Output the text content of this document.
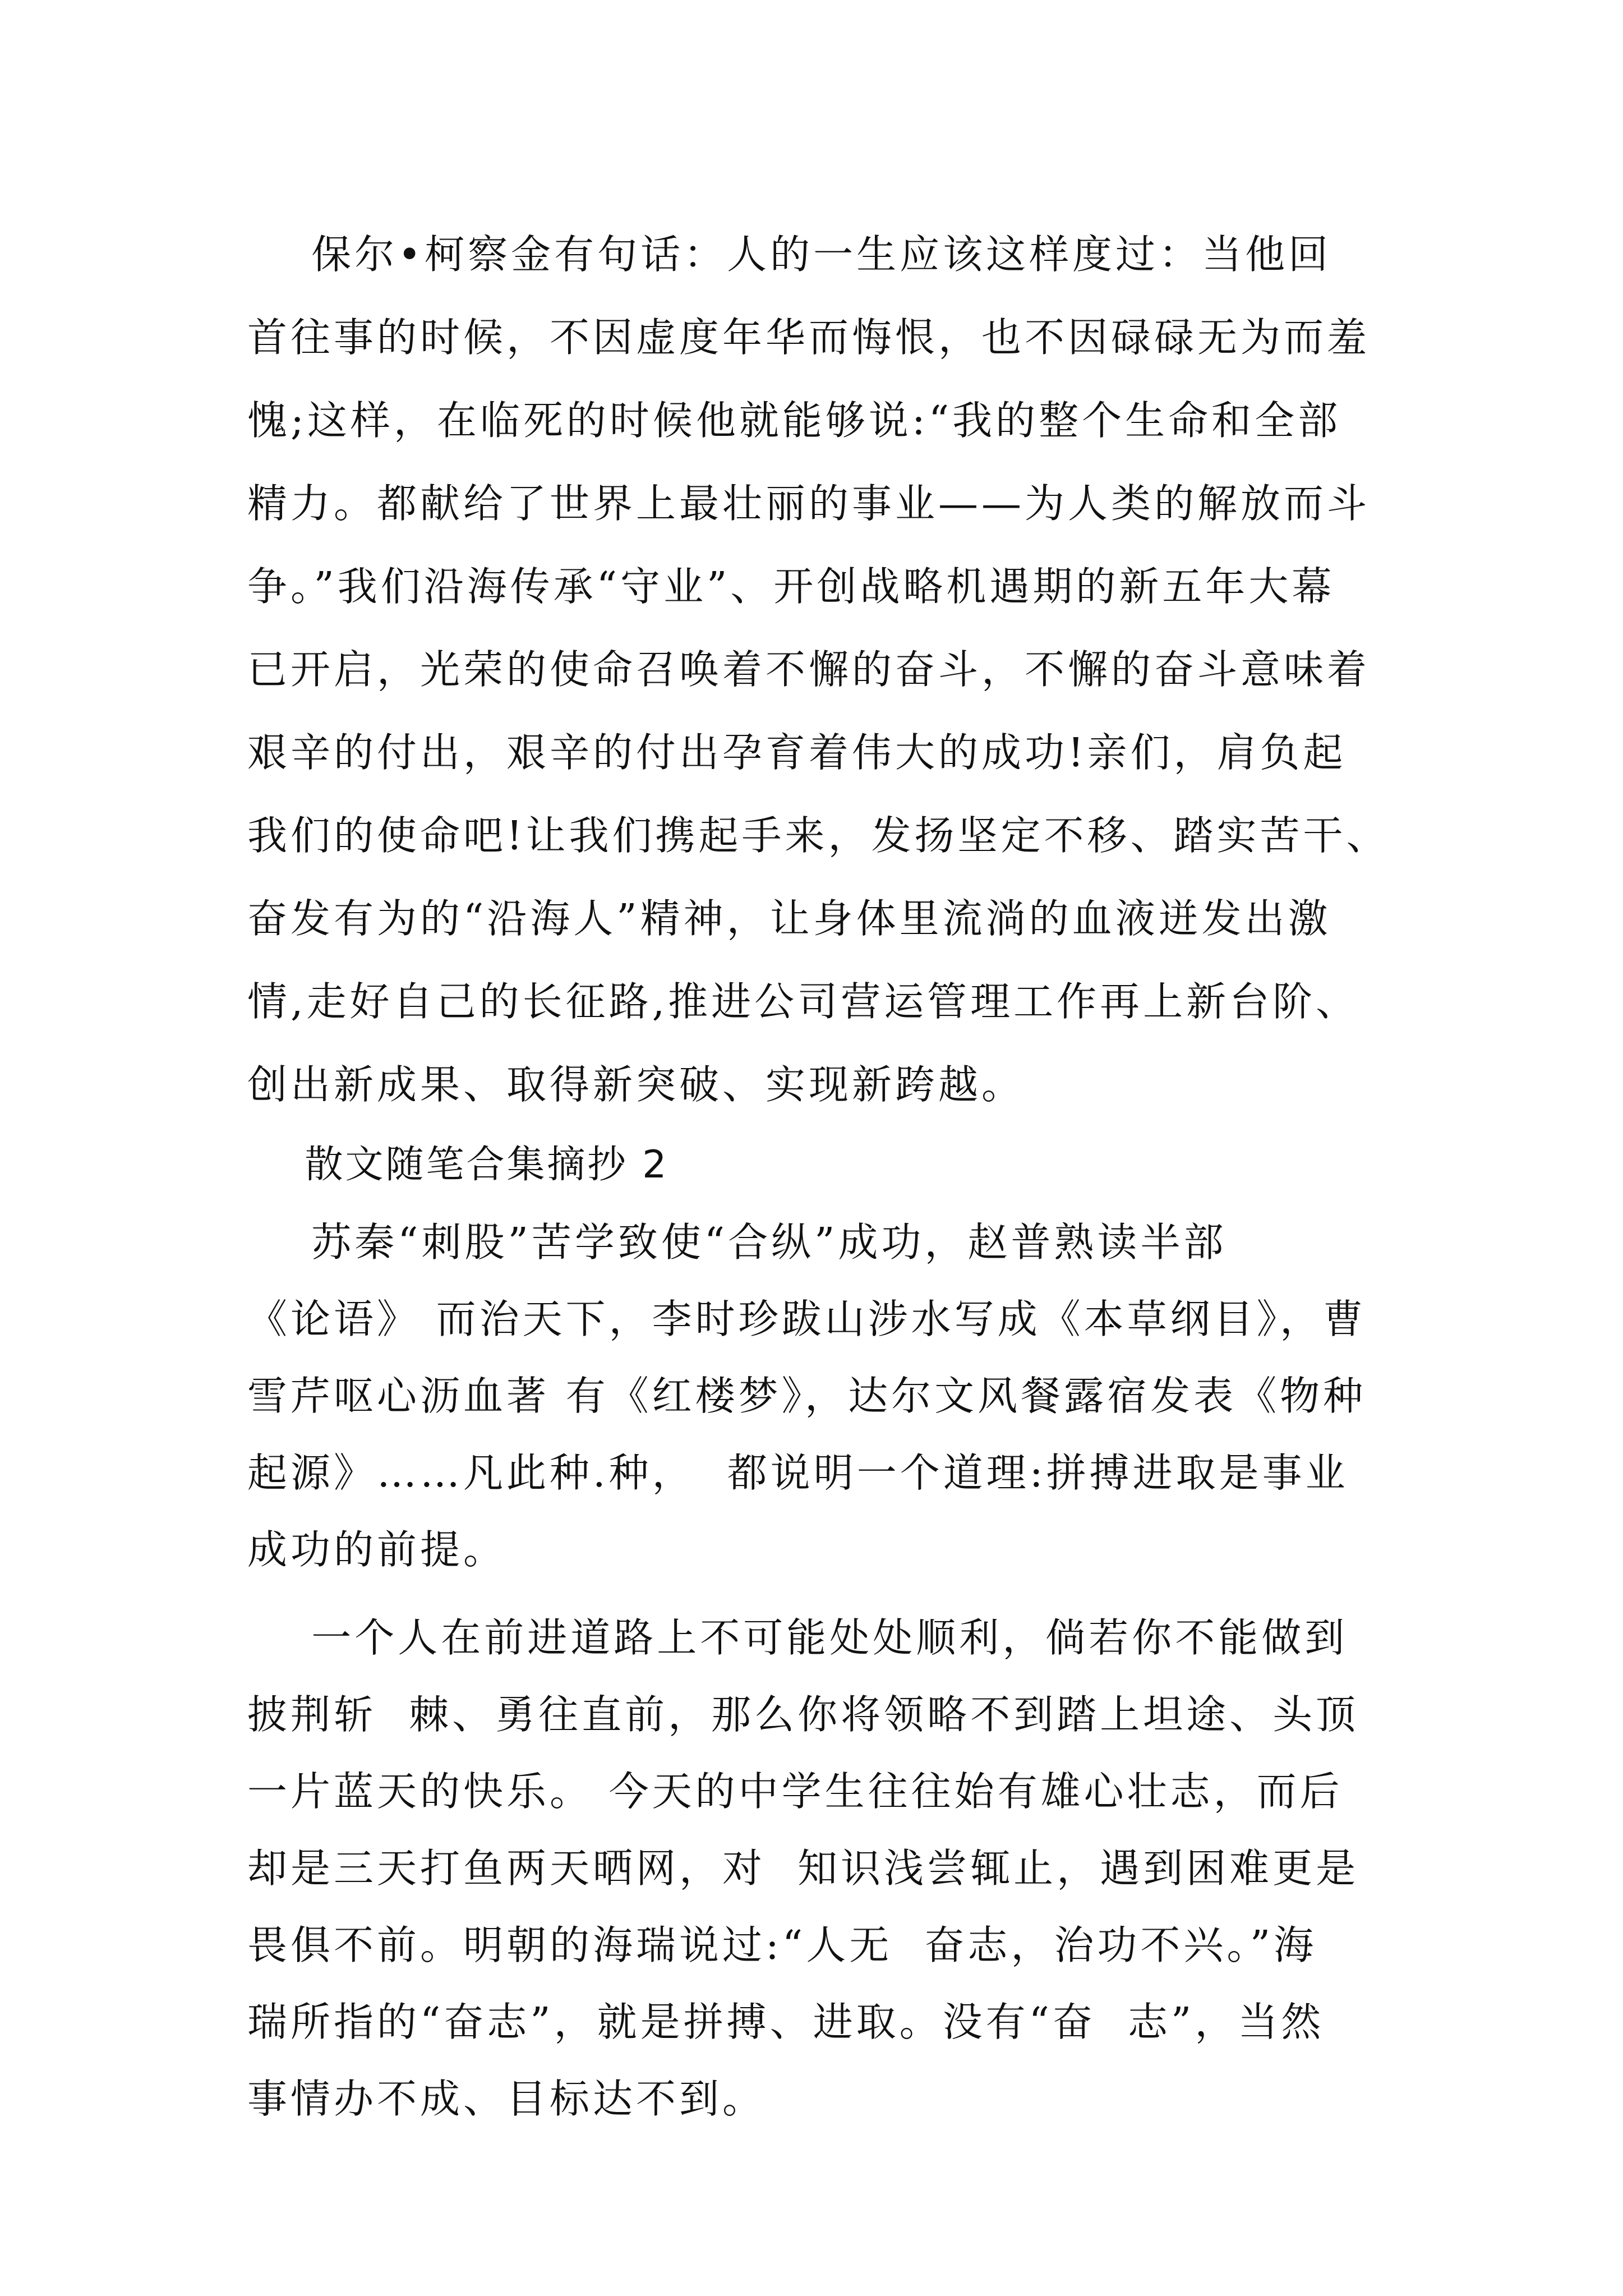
保尔•柯察金有句话：人的一生应该这样度过：当他回
首往事的时候，不因虚度年华而悔恨，也不因碌碌无为而羞
愧;这样，在临死的时候他就能够说:“我的整个生命和全部
精力。都献给了世界上最壮丽的事业——为人类的解放而斗
争。”我们沿海传承“守业”、开创战略机遇期的新五年大幕
已开启，光荣的使命召唤着不懈的奋斗，不懈的奋斗意味着
艰辛的付出，艰辛的付出孕育着伟大的成功!亲们，肩负起
我们的使命吧!让我们携起手来，发扬坚定不移、踏实苦干、
奋发有为的“沿海人”精神，让身体里流淌的血液迸发出激
情,走好自己的长征路,推进公司营运管理工作再上新台阶、
创出新成果、取得新突破、实现新跨越。
散文随笔合集摘抄 2
苏秦“刺股”苦学致使“合纵”成功，赵普熟读半部
《论语》 而治天下，李时珍跋山涉水写成《本草纲目》，曹
雪芹呕心沥血著 有《红楼梦》，达尔文风餐露宿发表《物种
起源》……凡此种.种，  都说明一个道理:拼搏进取是事业
成功的前提。
一个人在前进道路上不可能处处顺利，倘若你不能做到
披荆斩  棘、勇往直前，那么你将领略不到踏上坦途、头顶
一片蓝天的快乐。 今天的中学生往往始有雄心壮志，而后
却是三天打鱼两天晒网，对  知识浅尝辄止，遇到困难更是
畏俱不前。明朝的海瑞说过:“人无  奋志，治功不兴。”海
瑞所指的“奋志”，就是拼搏、进取。没有“奋  志”，当然
事情办不成、目标达不到。
